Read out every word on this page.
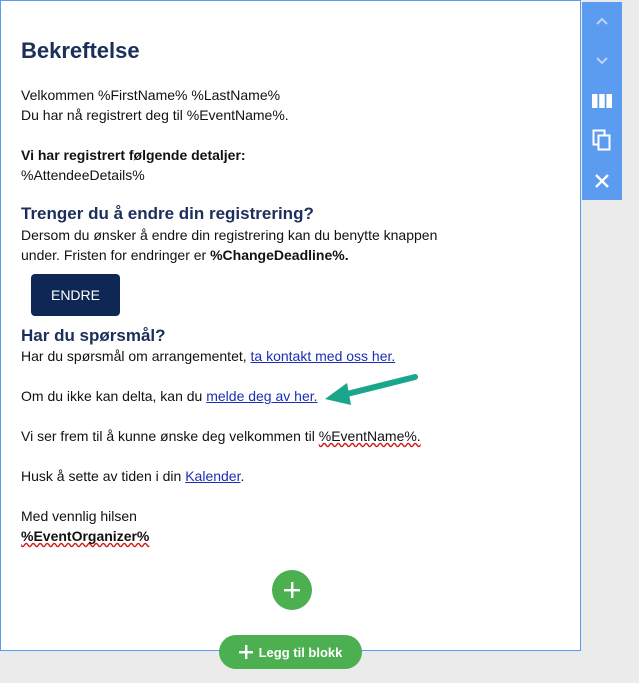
Bekreftelse

Velkommen %FirstName% %LastName%

Du har nå registrert deg til %EventName%.

Vi har registrert følgende detaljer:

%AttendeeDetails%

Trenger du å endre din registrering?

Dersom du ønsker å endre din registrering kan du benytte knappen

under. Fristen for endringer er %ChangeDeadline%.

ENDRE
Har du spørsmål?

Har du spørsmål om arrangementet, ta kontakt med oss her.

Om du ikke kan delta, kan du melde deg av her.

Vi ser frem til å kunne ønske deg velkommen til %EventName%.

Husk å sette av tiden i din Kalender.

Med vennlig hilsen

%EventOrganizer%

Legg til blokk
